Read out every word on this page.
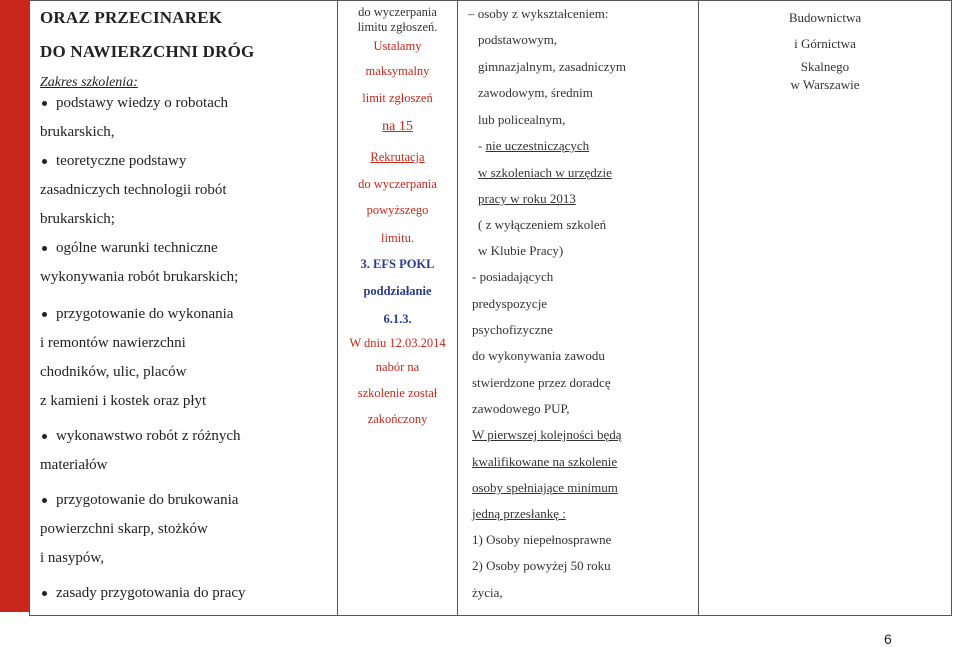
ORAZ PRZECINAREK
DO NAWIERZCHNI DRÓG
Zakres szkolenia:
podstawy wiedzy o robotach
brukarskich,
teoretyczne podstawy
zasadniczych technologii robót
brukarskich;
ogólne warunki techniczne
wykonywania robót brukarskich;
przygotowanie do wykonania
i remontów nawierzchni
chodników, ulic, placów
z kamieni i kostek oraz płyt
wykonawstwo robót z różnych
materiałów
przygotowanie do brukowania
powierzchni skarp, stożków
i nasypów,
zasady przygotowania do pracy

do wyczerpania
limitu zgłoszeń.
Ustalamy
maksymalny
limit zgłoszeń
na 15
Rekrutacja
do wyczerpania
powyższego
limitu.
3. EFS POKL
poddziałanie
6.1.3.
W dniu 12.03.2014
nabór na
szkolenie został
zakończony

– osoby z wykształceniem:
podstawowym,
gimnazjalnym, zasadniczym
zawodowym, średnim
lub policealnym,
- nie uczestniczących
w szkoleniach w urzędzie
pracy w roku 2013
( z wyłączeniem szkoleń
w Klubie Pracy)
- posiadających
predyspozycje
psychofizyczne
do wykonywania zawodu
stwierdzone przez doradcę
zawodowego PUP,
W pierwszej kolejności będą
kwalifikowane na szkolenie
osoby spełniające minimum
jedną przesłankę :
1) Osoby niepełnosprawne
2) Osoby powyżej 50 roku
życia,

Budownictwa
i Górnictwa
Skalnego
w Warszawie
6
